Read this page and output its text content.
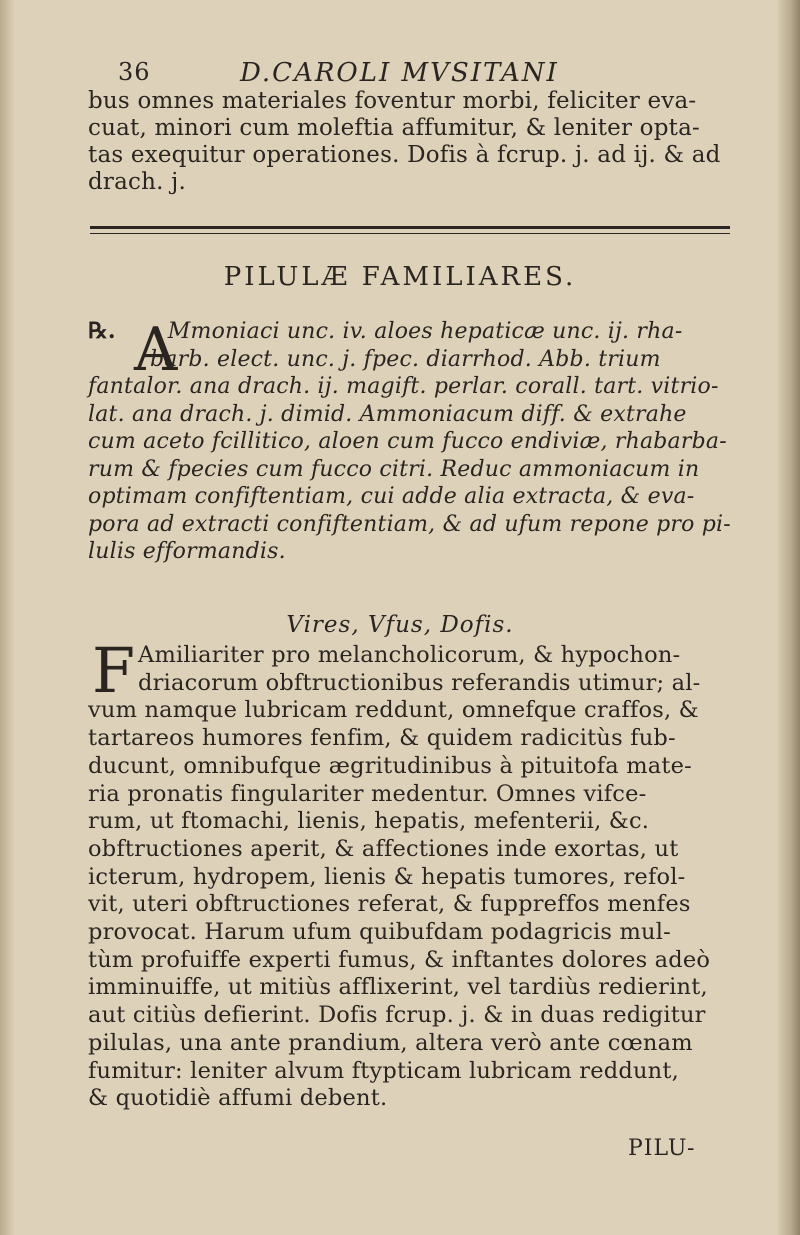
36	D.CAROLI MVSITANI
bus omnes materiales foventur morbi, feliciter eva-
cuat, minori cum moleftia affumitur, & leniter opta-
tas exequitur operationes. Dofis à fcrup. j. ad ij. & ad
drach. j.
PILULÆ FAMILIARES.
A
℞. Mmoniaci unc. iv. aloes hepaticæ unc. ij. rha-
barb. elect. unc. j. fpec. diarrhod. Abb. trium
fantalor. ana drach. ij. magift. perlar. corall. tart. vitrio-
lat. ana drach. j. dimid. Ammoniacum diff. & extrahe
cum aceto fcillitico, aloen cum fucco endiviæ, rhabarba-
rum & fpecies cum fucco citri. Reduc ammoniacum in
optimam confiftentiam, cui adde alia extracta, & eva-
pora ad extracti confiftentiam, & ad ufum repone pro pi-
lulis efformandis.
Vires, Vfus, Dofis.
F Amiliariter pro melancholicorum, & hypochon-
driacorum obftructionibus referandis utimur; al-
vum namque lubricam reddunt, omnefque craffos, &
tartareos humores fenfim, & quidem radicitùs fub-
ducunt, omnibufque ægritudinibus à pituitofa mate-
ria pronatis fingulariter medentur. Omnes vifce-
rum, ut ftomachi, lienis, hepatis, mefenterii, &c.
obftructiones aperit, & affectiones inde exortas, ut
icterum, hydropem, lienis & hepatis tumores, refol-
vit, uteri obftructiones referat, & fuppreffos menfes
provocat. Harum ufum quibufdam podagricis mul-
tùm profuiffe experti fumus, & inftantes dolores adeò
imminuiffe, ut mitiùs afflixerint, vel tardiùs redierint,
aut citiùs defierint. Dofis fcrup. j. & in duas redigitur
pilulas, una ante prandium, altera verò ante cœnam
fumitur: leniter alvum ftypticam lubricam reddunt,
& quotidiè affumi debent.
PILU-
